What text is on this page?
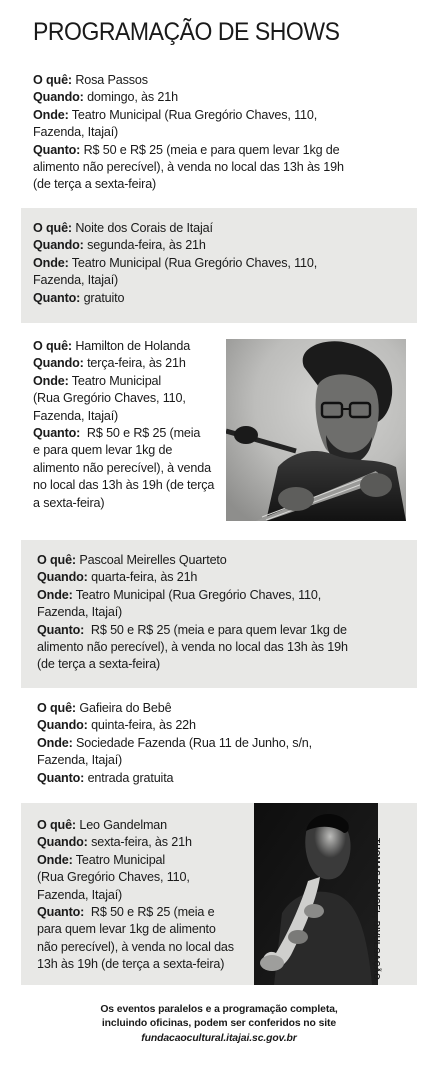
PROGRAMAÇÃO DE SHOWS
O quê: Rosa Passos
Quando: domingo, às 21h
Onde: Teatro Municipal (Rua Gregório Chaves, 110,
Fazenda, Itajaí)
Quanto: R$ 50 e R$ 25 (meia e para quem levar 1kg de
alimento não perecível), à venda no local das 13h às 19h
(de terça a sexta-feira)
O quê: Noite dos Corais de Itajaí
Quando: segunda-feira, às 21h
Onde: Teatro Municipal (Rua Gregório Chaves, 110,
Fazenda, Itajaí)
Quanto: gratuito
O quê: Hamilton de Holanda
Quando: terça-feira, às 21h
Onde: Teatro Municipal
(Rua Gregório Chaves, 110,
Fazenda, Itajaí)
Quanto: R$ 50 e R$ 25 (meia
e para quem levar 1kg de
alimento não perecível), à venda
no local das 13h às 19h (de terça
a sexta-feira)
O quê: Pascoal Meirelles Quarteto
Quando: quarta-feira, às 21h
Onde: Teatro Municipal (Rua Gregório Chaves, 110,
Fazenda, Itajaí)
Quanto: R$ 50 e R$ 25 (meia e para quem levar 1kg de
alimento não perecível), à venda no local das 13h às 19h
(de terça a sexta-feira)
O quê: Gafieira do Bebê
Quando: quinta-feira, às 22h
Onde: Sociedade Fazenda (Rua 11 de Junho, s/n,
Fazenda, Itajaí)
Quanto: entrada gratuita
O quê: Leo Gandelman
Quando: sexta-feira, às 21h
Onde: Teatro Municipal
(Rua Gregório Chaves, 110,
Fazenda, Itajaí)
Quanto: R$ 50 e R$ 25 (meia e
para quem levar 1kg de alimento
não perecível), à venda no local das
13h às 19h (de terça a sexta-feira)	THOMAS RANGEL, DIVULGAÇÃO
Os eventos paralelos e a programação completa,
incluindo oficinas, podem ser conferidos no site
fundacaocultural.itajai.sc.gov.br
